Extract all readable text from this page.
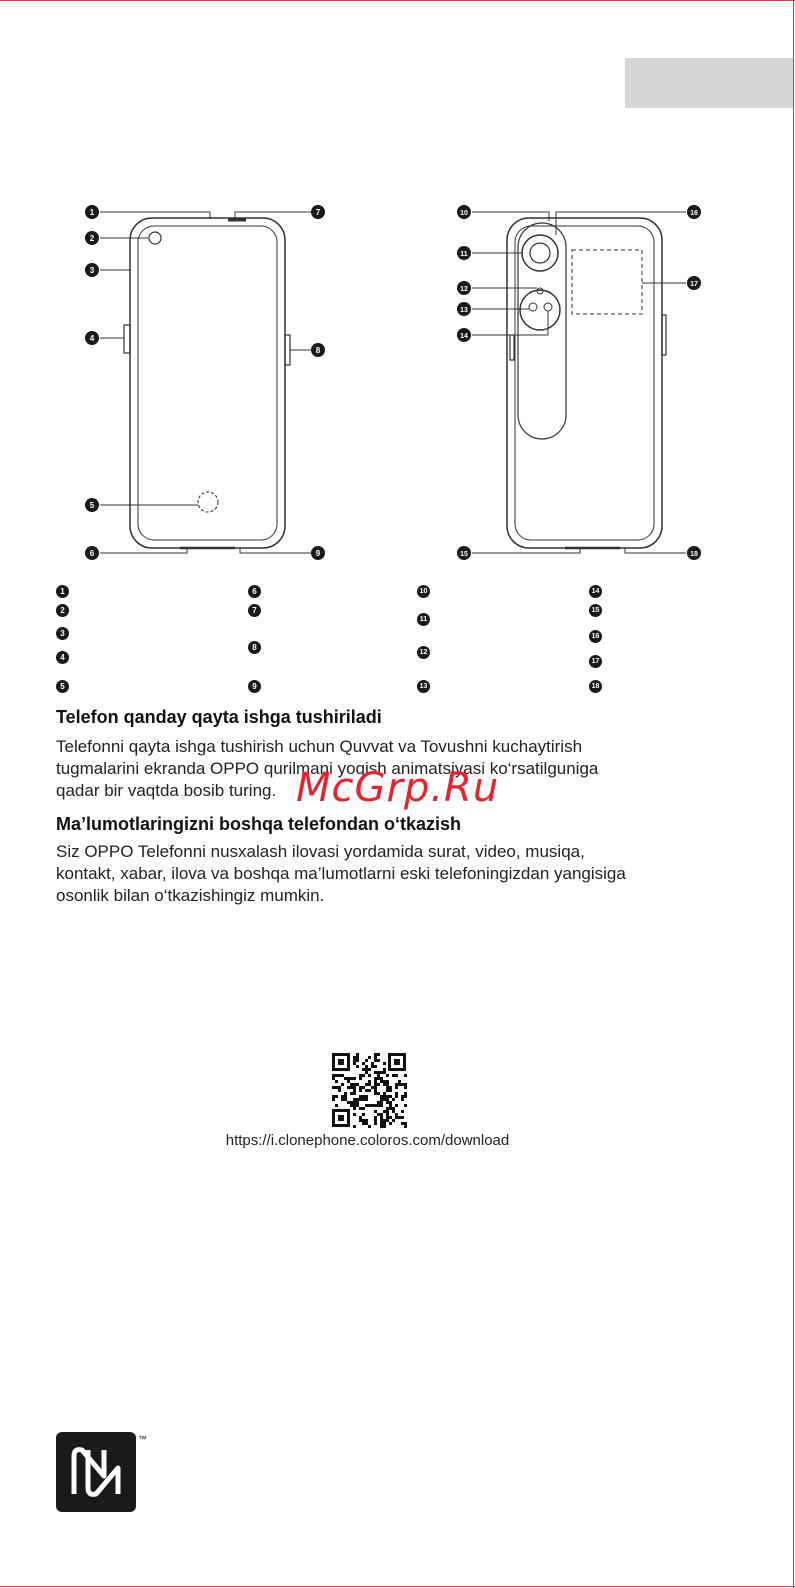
1
2
3
4
5
6
7
8
9
10
11
12
13
14
15
16
17
18
1
2
3
4
5
6
7
8
9
10
11
12
13
14
15
16
17
18
Telefon qanday qayta ishga tushiriladi
Telefonni qayta ishga tushirish uchun Quvvat va Tovushni kuchaytirish
tugmalarini ekranda OPPO qurilmani yoqish animatsiyasi ko‘rsatilguniga
qadar bir vaqtda bosib turing. McGrp.Ru
Ma’lumotlaringizni boshqa telefondan o‘tkazish
Siz OPPO Telefonni nusxalash ilovasi yordamida surat, video, musiqa,
kontakt, xabar, ilova va boshqa ma’lumotlarni eski telefoningizdan yangisiga
osonlik bilan o‘tkazishingiz mumkin.
https://i.clonephone.coloros.com/download
™
